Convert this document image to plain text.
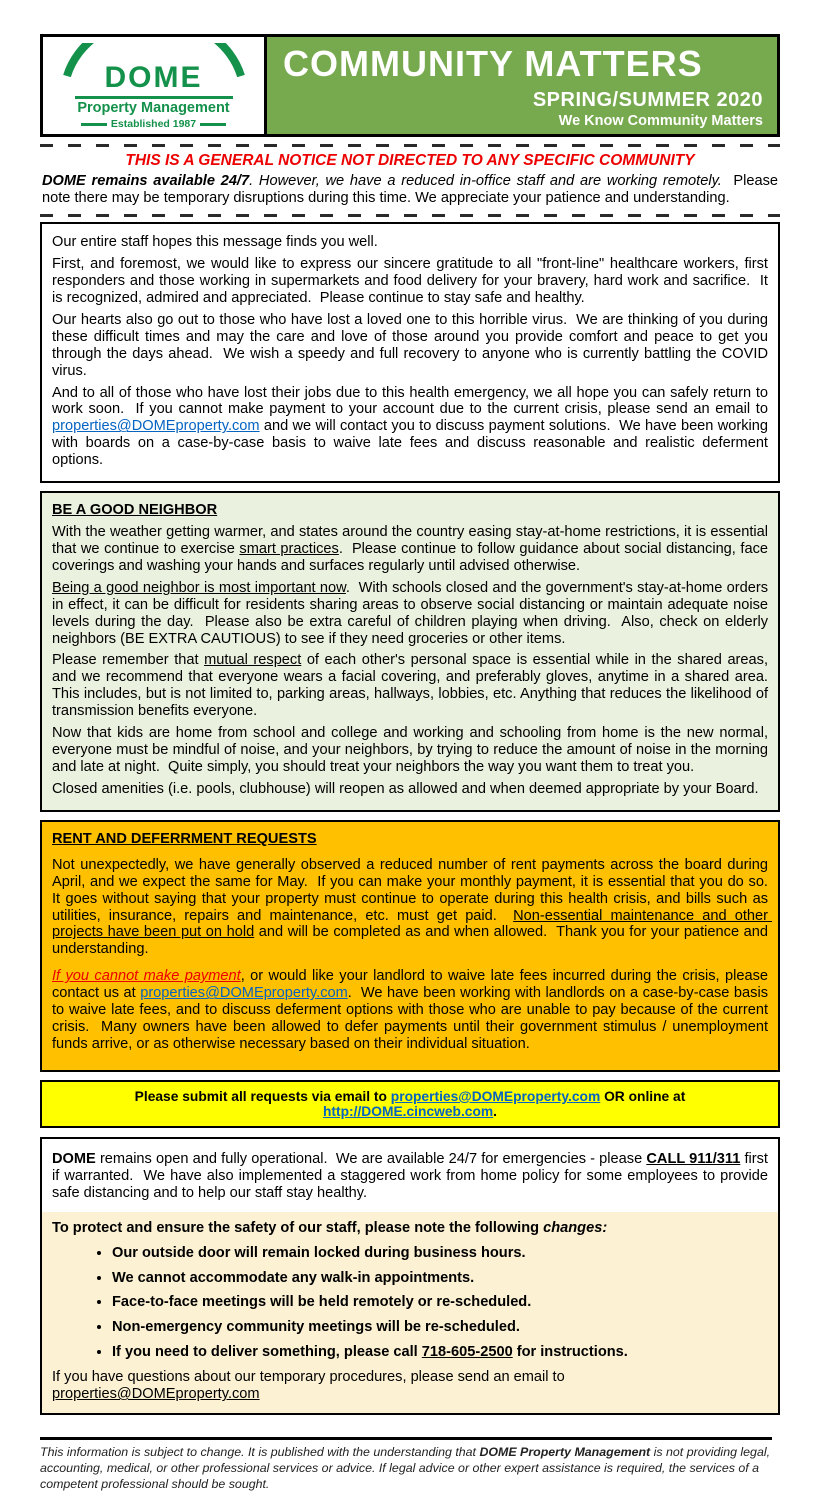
DOME
Property Management
Established 1987
COMMUNITY MATTERS
SPRING/SUMMER 2020
We Know Community Matters
THIS IS A GENERAL NOTICE NOT DIRECTED TO ANY SPECIFIC COMMUNITY
DOME remains available 24/7. However, we have a reduced in-office staff and are working remotely.  Please note there may be temporary disruptions during this time. We appreciate your patience and understanding.
Our entire staff hopes this message finds you well.
First, and foremost, we would like to express our sincere gratitude to all "front-line" healthcare workers, first responders and those working in supermarkets and food delivery for your bravery, hard work and sacrifice.  It is recognized, admired and appreciated.  Please continue to stay safe and healthy.
Our hearts also go out to those who have lost a loved one to this horrible virus.  We are thinking of you during these difficult times and may the care and love of those around you provide comfort and peace to get you through the days ahead.  We wish a speedy and full recovery to anyone who is currently battling the COVID virus.
And to all of those who have lost their jobs due to this health emergency, we all hope you can safely return to work soon.  If you cannot make payment to your account due to the current crisis, please send an email to properties@DOMEproperty.com and we will contact you to discuss payment solutions.  We have been working with boards on a case-by-case basis to waive late fees and discuss reasonable and realistic deferment options.
BE A GOOD NEIGHBOR
With the weather getting warmer, and states around the country easing stay-at-home restrictions, it is essential that we continue to exercise smart practices.  Please continue to follow guidance about social distancing, face coverings and washing your hands and surfaces regularly until advised otherwise.
Being a good neighbor is most important now.  With schools closed and the government's stay-at-home orders in effect, it can be difficult for residents sharing areas to observe social distancing or maintain adequate noise levels during the day.  Please also be extra careful of children playing when driving.  Also, check on elderly neighbors (BE EXTRA CAUTIOUS) to see if they need groceries or other items.
Please remember that mutual respect of each other's personal space is essential while in the shared areas, and we recommend that everyone wears a facial covering, and preferably gloves, anytime in a shared area.  This includes, but is not limited to, parking areas, hallways, lobbies, etc. Anything that reduces the likelihood of transmission benefits everyone.
Now that kids are home from school and college and working and schooling from home is the new normal, everyone must be mindful of noise, and your neighbors, by trying to reduce the amount of noise in the morning and late at night.  Quite simply, you should treat your neighbors the way you want them to treat you.
Closed amenities (i.e. pools, clubhouse) will reopen as allowed and when deemed appropriate by your Board.
RENT AND DEFERRMENT REQUESTS
Not unexpectedly, we have generally observed a reduced number of rent payments across the board during April, and we expect the same for May.  If you can make your monthly payment, it is essential that you do so.  It goes without saying that your property must continue to operate during this health crisis, and bills such as utilities, insurance, repairs and maintenance, etc. must get paid.  Non-essential maintenance and other projects have been put on hold and will be completed as and when allowed.  Thank you for your patience and understanding.
If you cannot make payment, or would like your landlord to waive late fees incurred during the crisis, please contact us at properties@DOMEproperty.com.  We have been working with landlords on a case-by-case basis to waive late fees, and to discuss deferment options with those who are unable to pay because of the current crisis.  Many owners have been allowed to defer payments until their government stimulus / unemployment funds arrive, or as otherwise necessary based on their individual situation.
Please submit all requests via email to properties@DOMEproperty.com OR online at http://DOME.cincweb.com.
DOME remains open and fully operational.  We are available 24/7 for emergencies - please CALL 911/311 first if warranted.  We have also implemented a staggered work from home policy for some employees to provide safe distancing and to help our staff stay healthy.
To protect and ensure the safety of our staff, please note the following changes:
• Our outside door will remain locked during business hours.
• We cannot accommodate any walk-in appointments.
• Face-to-face meetings will be held remotely or re-scheduled.
• Non-emergency community meetings will be re-scheduled.
• If you need to deliver something, please call 718-605-2500 for instructions.
If you have questions about our temporary procedures, please send an email to properties@DOMEproperty.com
This information is subject to change. It is published with the understanding that DOME Property Management is not providing legal, accounting, medical, or other professional services or advice. If legal advice or other expert assistance is required, the services of a competent professional should be sought.
